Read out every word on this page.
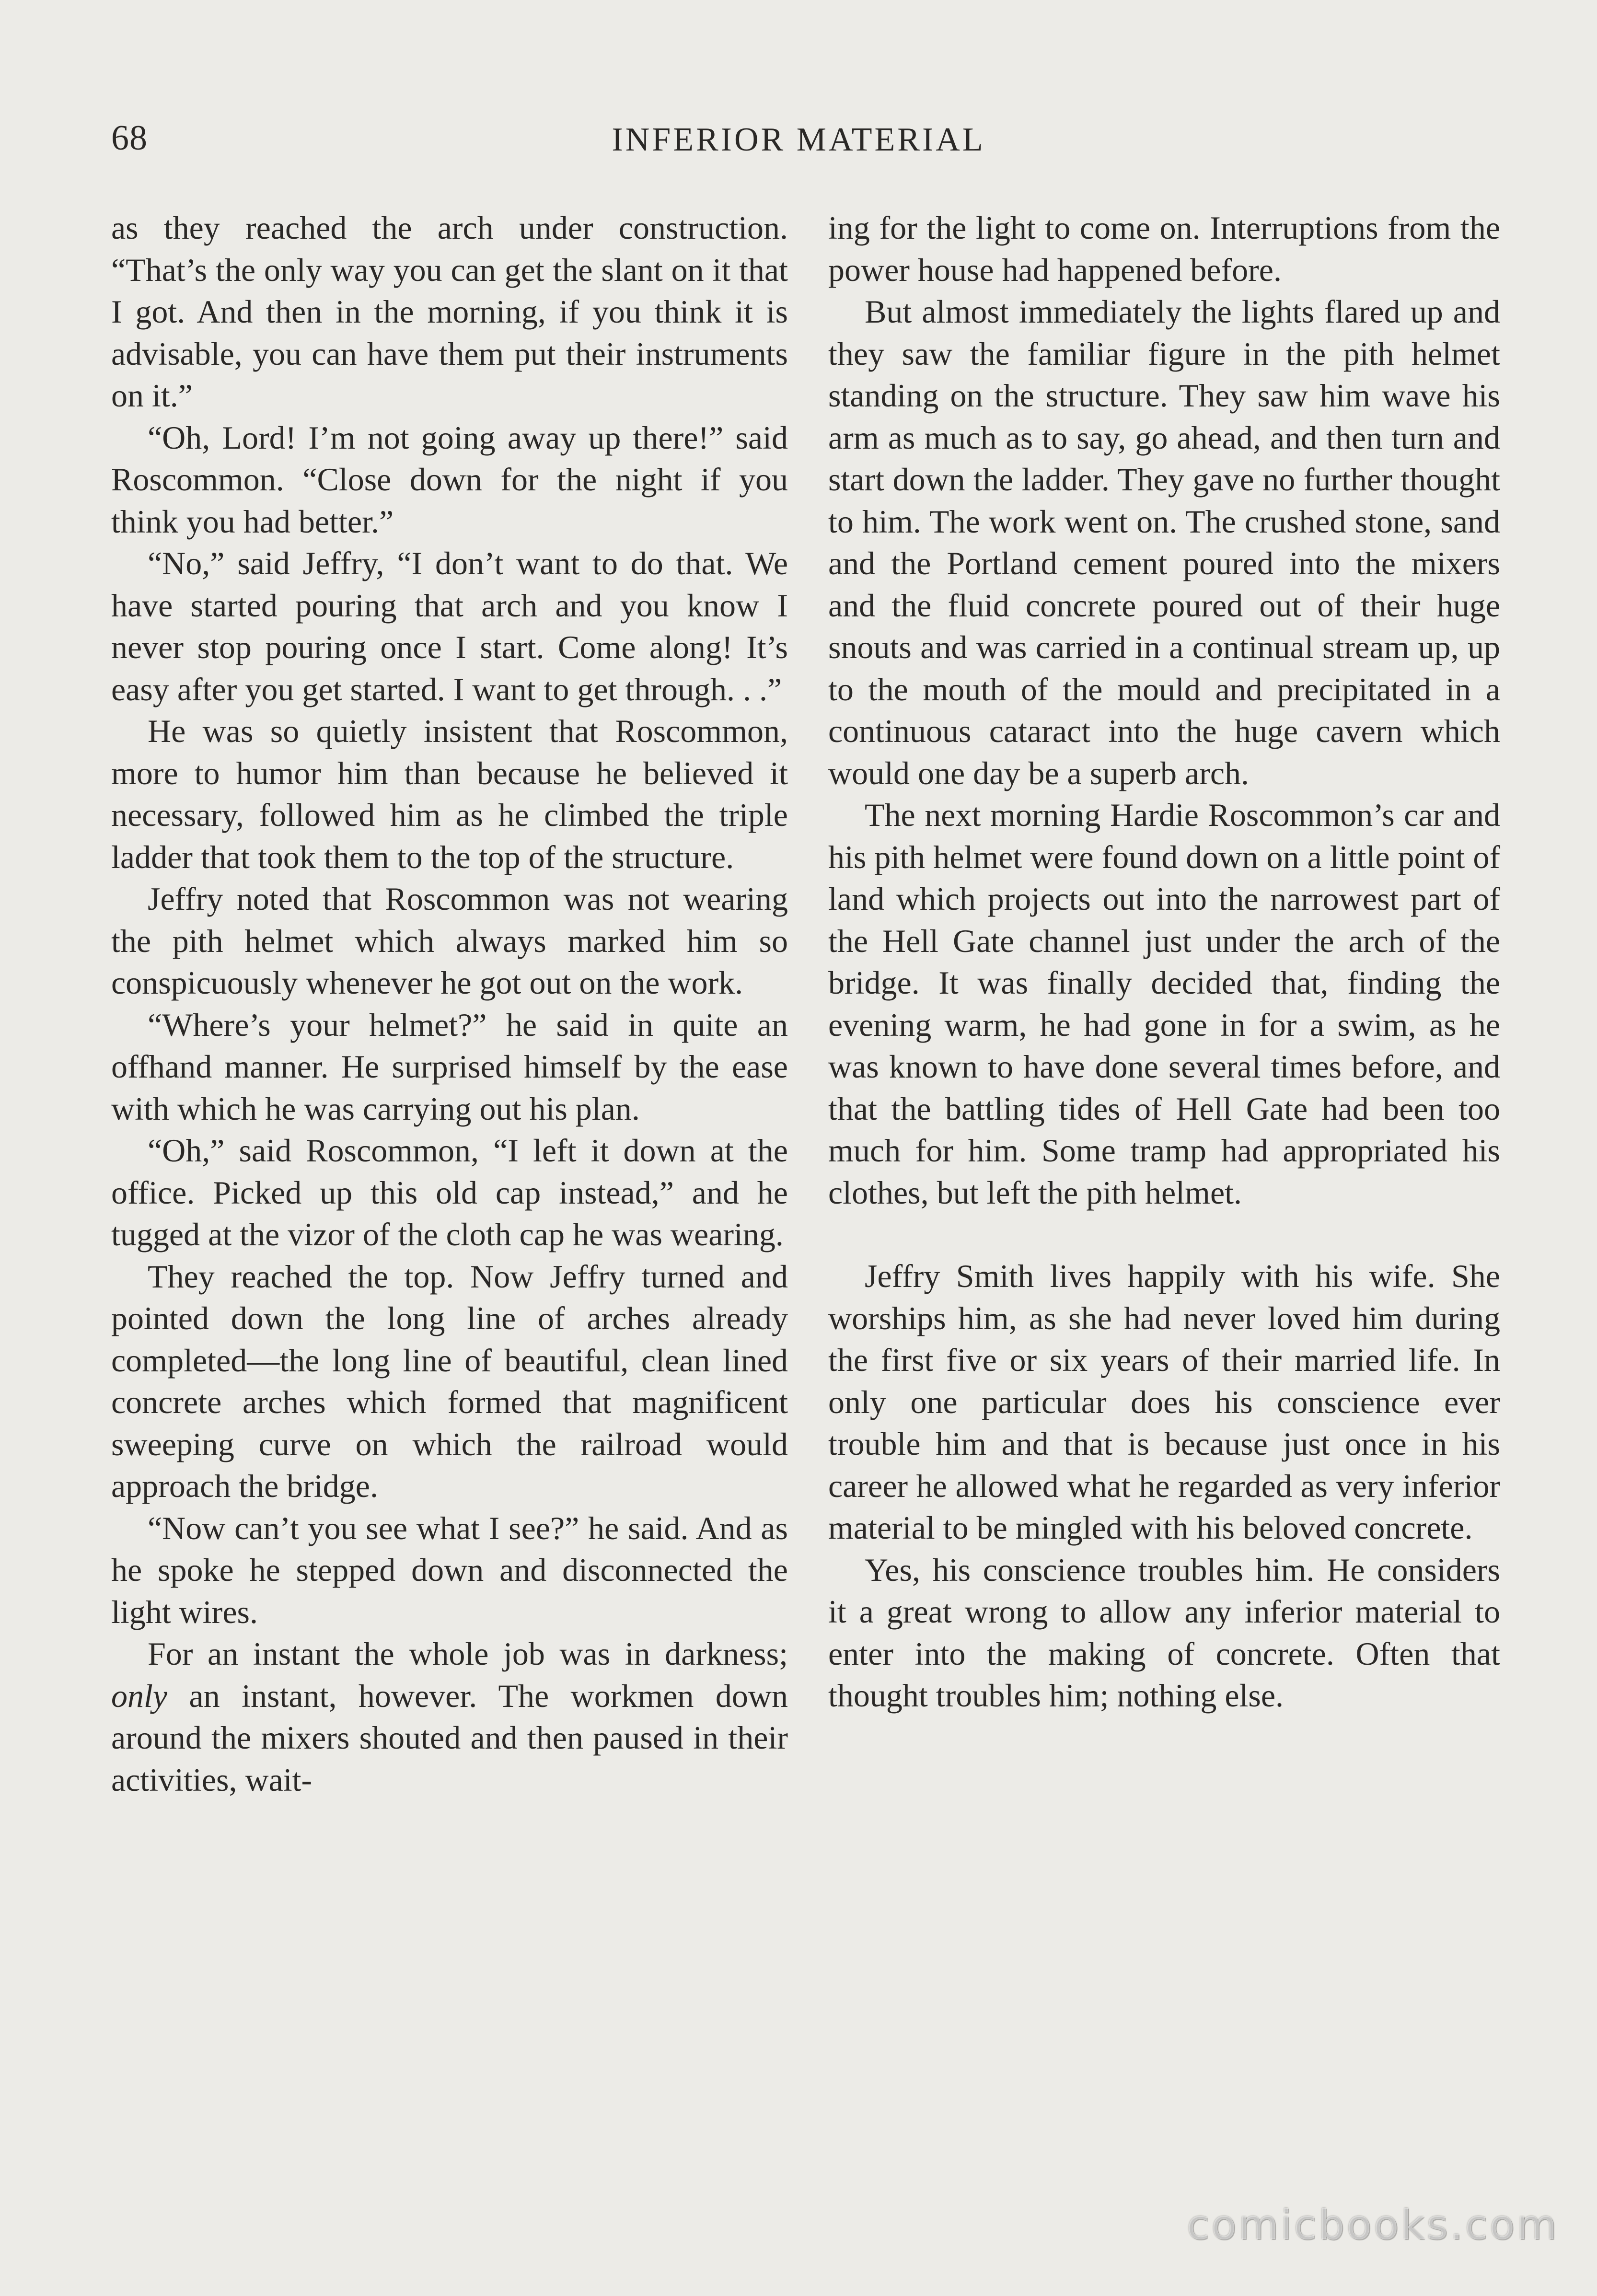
68	INFERIOR MATERIAL

as they reached the arch under construction. “That’s the only way you can get the slant on it that I got. And then in the morning, if you think it is advisable, you can have them put their instruments on it.”

“Oh, Lord! I’m not going away up there!” said Roscommon. “Close down for the night if you think you had better.”

“No,” said Jeffry, “I don’t want to do that. We have started pouring that arch and you know I never stop pouring once I start. Come along! It’s easy after you get started. I want to get through. . .”

He was so quietly insistent that Roscommon, more to humor him than because he believed it necessary, followed him as he climbed the triple ladder that took them to the top of the structure.

Jeffry noted that Roscommon was not wearing the pith helmet which always marked him so conspicuously whenever he got out on the work.

“Where’s your helmet?” he said in quite an offhand manner. He surprised himself by the ease with which he was carrying out his plan.

“Oh,” said Roscommon, “I left it down at the office. Picked up this old cap instead,” and he tugged at the vizor of the cloth cap he was wearing.

They reached the top. Now Jeffry turned and pointed down the long line of arches already completed—the long line of beautiful, clean lined concrete arches which formed that magnificent sweeping curve on which the railroad would approach the bridge.

“Now can’t you see what I see?” he said. And as he spoke he stepped down and disconnected the light wires.

For an instant the whole job was in darkness; only an instant, however. The workmen down around the mixers shouted and then paused in their activities, wait-

ing for the light to come on. Interruptions from the power house had happened before.

But almost immediately the lights flared up and they saw the familiar figure in the pith helmet standing on the structure. They saw him wave his arm as much as to say, go ahead, and then turn and start down the ladder. They gave no further thought to him. The work went on. The crushed stone, sand and the Portland cement poured into the mixers and the fluid concrete poured out of their huge snouts and was carried in a continual stream up, up to the mouth of the mould and precipitated in a continuous cataract into the huge cavern which would one day be a superb arch.

The next morning Hardie Roscommon’s car and his pith helmet were found down on a little point of land which projects out into the narrowest part of the Hell Gate channel just under the arch of the bridge. It was finally decided that, finding the evening warm, he had gone in for a swim, as he was known to have done several times before, and that the battling tides of Hell Gate had been too much for him. Some tramp had appropriated his clothes, but left the pith helmet.

Jeffry Smith lives happily with his wife. She worships him, as she had never loved him during the first five or six years of their married life. In only one particular does his conscience ever trouble him and that is because just once in his career he allowed what he regarded as very inferior material to be mingled with his beloved concrete.

Yes, his conscience troubles him. He considers it a great wrong to allow any inferior material to enter into the making of concrete. Often that thought troubles him; nothing else.

comicbooks.com
